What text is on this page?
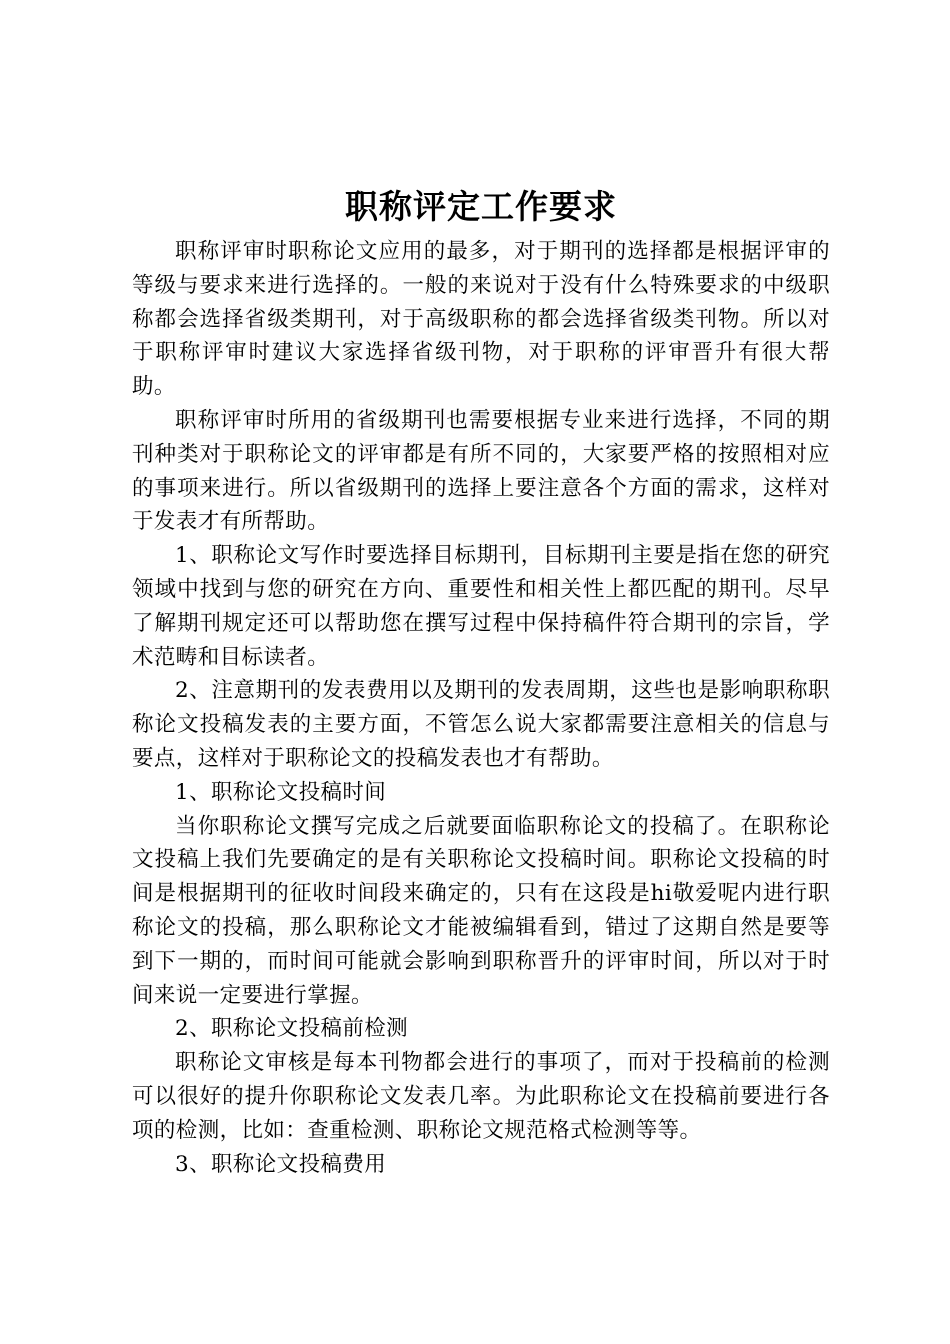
职称评定工作要求

职称评审时职称论文应用的最多，对于期刊的选择都是根据评审的等级与要求来进行选择的。一般的来说对于没有什么特殊要求的中级职称都会选择省级类期刊，对于高级职称的都会选择省级类刊物。所以对于职称评审时建议大家选择省级刊物，对于职称的评审晋升有很大帮助。

职称评审时所用的省级期刊也需要根据专业来进行选择，不同的期刊种类对于职称论文的评审都是有所不同的，大家要严格的按照相对应的事项来进行。所以省级期刊的选择上要注意各个方面的需求，这样对于发表才有所帮助。

1、职称论文写作时要选择目标期刊，目标期刊主要是指在您的研究领域中找到与您的研究在方向、重要性和相关性上都匹配的期刊。尽早了解期刊规定还可以帮助您在撰写过程中保持稿件符合期刊的宗旨，学术范畴和目标读者。

2、注意期刊的发表费用以及期刊的发表周期，这些也是影响职称职称论文投稿发表的主要方面，不管怎么说大家都需要注意相关的信息与要点，这样对于职称论文的投稿发表也才有帮助。

1、职称论文投稿时间

当你职称论文撰写完成之后就要面临职称论文的投稿了。在职称论文投稿上我们先要确定的是有关职称论文投稿时间。职称论文投稿的时间是根据期刊的征收时间段来确定的，只有在这段是hi敬爱呢内进行职称论文的投稿，那么职称论文才能被编辑看到，错过了这期自然是要等到下一期的，而时间可能就会影响到职称晋升的评审时间，所以对于时间来说一定要进行掌握。

2、职称论文投稿前检测

职称论文审核是每本刊物都会进行的事项了，而对于投稿前的检测可以很好的提升你职称论文发表几率。为此职称论文在投稿前要进行各项的检测，比如：查重检测、职称论文规范格式检测等等。

3、职称论文投稿费用
